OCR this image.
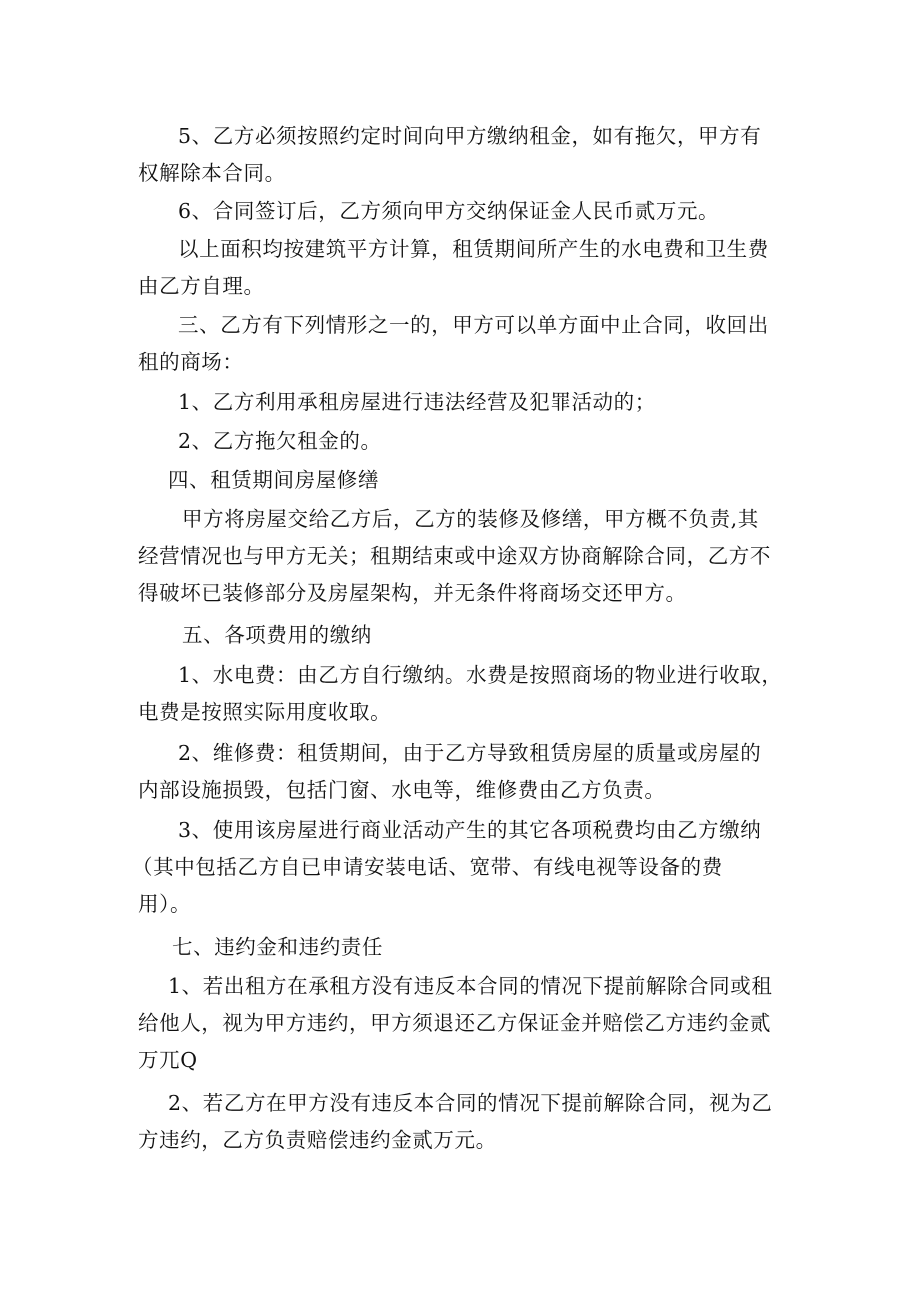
5、乙方必须按照约定时间向甲方缴纳租金，如有拖欠，甲方有
权解除本合同。

6、合同签订后，乙方须向甲方交纳保证金人民币贰万元。

以上面积均按建筑平方计算，租赁期间所产生的水电费和卫生费
由乙方自理。

三、乙方有下列情形之一的，甲方可以单方面中止合同，收回出
租的商场：

1、乙方利用承租房屋进行违法经营及犯罪活动的；

2、乙方拖欠租金的。

四、租赁期间房屋修缮

甲方将房屋交给乙方后，乙方的装修及修缮，甲方概不负责,其
经营情况也与甲方无关；租期结束或中途双方协商解除合同，乙方不
得破坏已装修部分及房屋架构，并无条件将商场交还甲方。

五、各项费用的缴纳

1、水电费：由乙方自行缴纳。水费是按照商场的物业进行收取，
电费是按照实际用度收取。

2、维修费：租赁期间，由于乙方导致租赁房屋的质量或房屋的
内部设施损毁，包括门窗、水电等，维修费由乙方负责。

3、使用该房屋进行商业活动产生的其它各项税费均由乙方缴纳
（其中包括乙方自已申请安装电话、宽带、有线电视等设备的费
用）。

七、违约金和违约责任

1、若出租方在承租方没有违反本合同的情况下提前解除合同或租
给他人，视为甲方违约，甲方须退还乙方保证金并赔偿乙方违约金贰
万兀Q

2、若乙方在甲方没有违反本合同的情况下提前解除合同，视为乙
方违约，乙方负责赔偿违约金贰万元。
